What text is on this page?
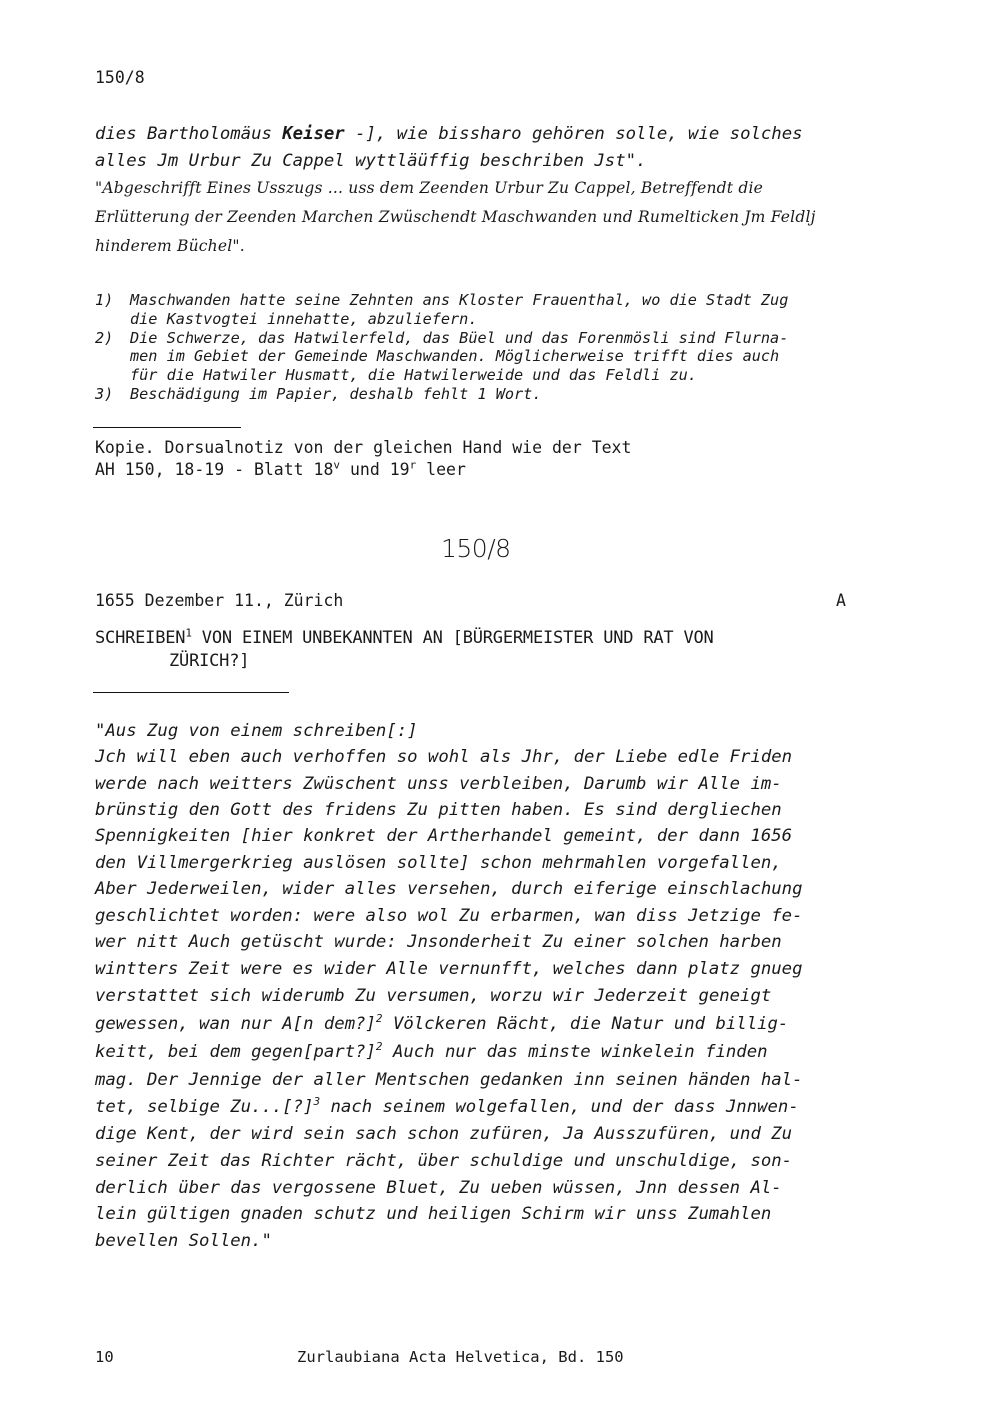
150/8
dies Bartholomäus Keiser -], wie bissharo gehören solle, wie solches
alles Jm Urbur Zu Cappel wyttläüffig beschriben Jst".
"Abgeschrifft Eines Usszugs ... uss dem Zeenden Urbur Zu Cappel, Betreffendt die
Erlütterung der Zeenden Marchen Zwüschendt Maschwanden und Rumelticken Jm Feldlj
hinderem Büchel".
1) Maschwanden hatte seine Zehnten ans Kloster Frauenthal, wo die Stadt Zug
die Kastvogtei innehatte, abzuliefern.
2) Die Schwerze, das Hatwilerfeld, das Büel und das Forenmösli sind Flurna-
men im Gebiet der Gemeinde Maschwanden. Möglicherweise trifft dies auch
für die Hatwiler Husmatt, die Hatwilerweide und das Feldli zu.
3) Beschädigung im Papier, deshalb fehlt 1 Wort.
Kopie. Dorsualnotiz von der gleichen Hand wie der Text
AH 150, 18-19 - Blatt 18$^v$ und 19$^r$ leer
150/8
1655 Dezember 11., Zürich	A
SCHREIBEN$^1$ VON EINEM UNBEKANNTEN AN [BÜRGERMEISTER UND RAT VON
ZÜRICH?]
"Aus Zug von einem schreiben[:]
Jch will eben auch verhoffen so wohl als Jhr, der Liebe edle Friden
werde nach weitters Zwüschent unss verbleiben, Darumb wir Alle im-
brünstig den Gott des fridens Zu pitten haben. Es sind dergliechen
Spennigkeiten [hier konkret der Artherhandel gemeint, der dann 1656
den Villmergerkrieg auslösen sollte] schon mehrmahlen vorgefallen,
Aber Jederweilen, wider alles versehen, durch eiferige einschlachung
geschlichtet worden: were also wol Zu erbarmen, wan diss Jetzige fe-
wer nitt Auch getüscht wurde: Jnsonderheit Zu einer solchen harben
wintters Zeit were es wider Alle vernunfft, welches dann platz gnueg
verstattet sich widerumb Zu versumen, worzu wir Jederzeit geneigt
gewessen, wan nur A[n dem?]$^2$ Völckeren Rächt, die Natur und billig-
keitt, bei dem gegen[part?]$^2$ Auch nur das minste winkelein finden
mag. Der Jennige der aller Mentschen gedanken inn seinen händen hal-
tet, selbige Zu...[?]$^3$ nach seinem wolgefallen, und der dass Jnnwen-
dige Kent, der wird sein sach schon zufüren, Ja Ausszufüren, und Zu
seiner Zeit das Richter rächt, über schuldige und unschuldige, son-
derlich über das vergossene Bluet, Zu ueben wüssen, Jnn dessen Al-
lein gültigen gnaden schutz und heiligen Schirm wir unss Zumahlen
bevellen Sollen."
10	Zurlaubiana Acta Helvetica, Bd. 150
